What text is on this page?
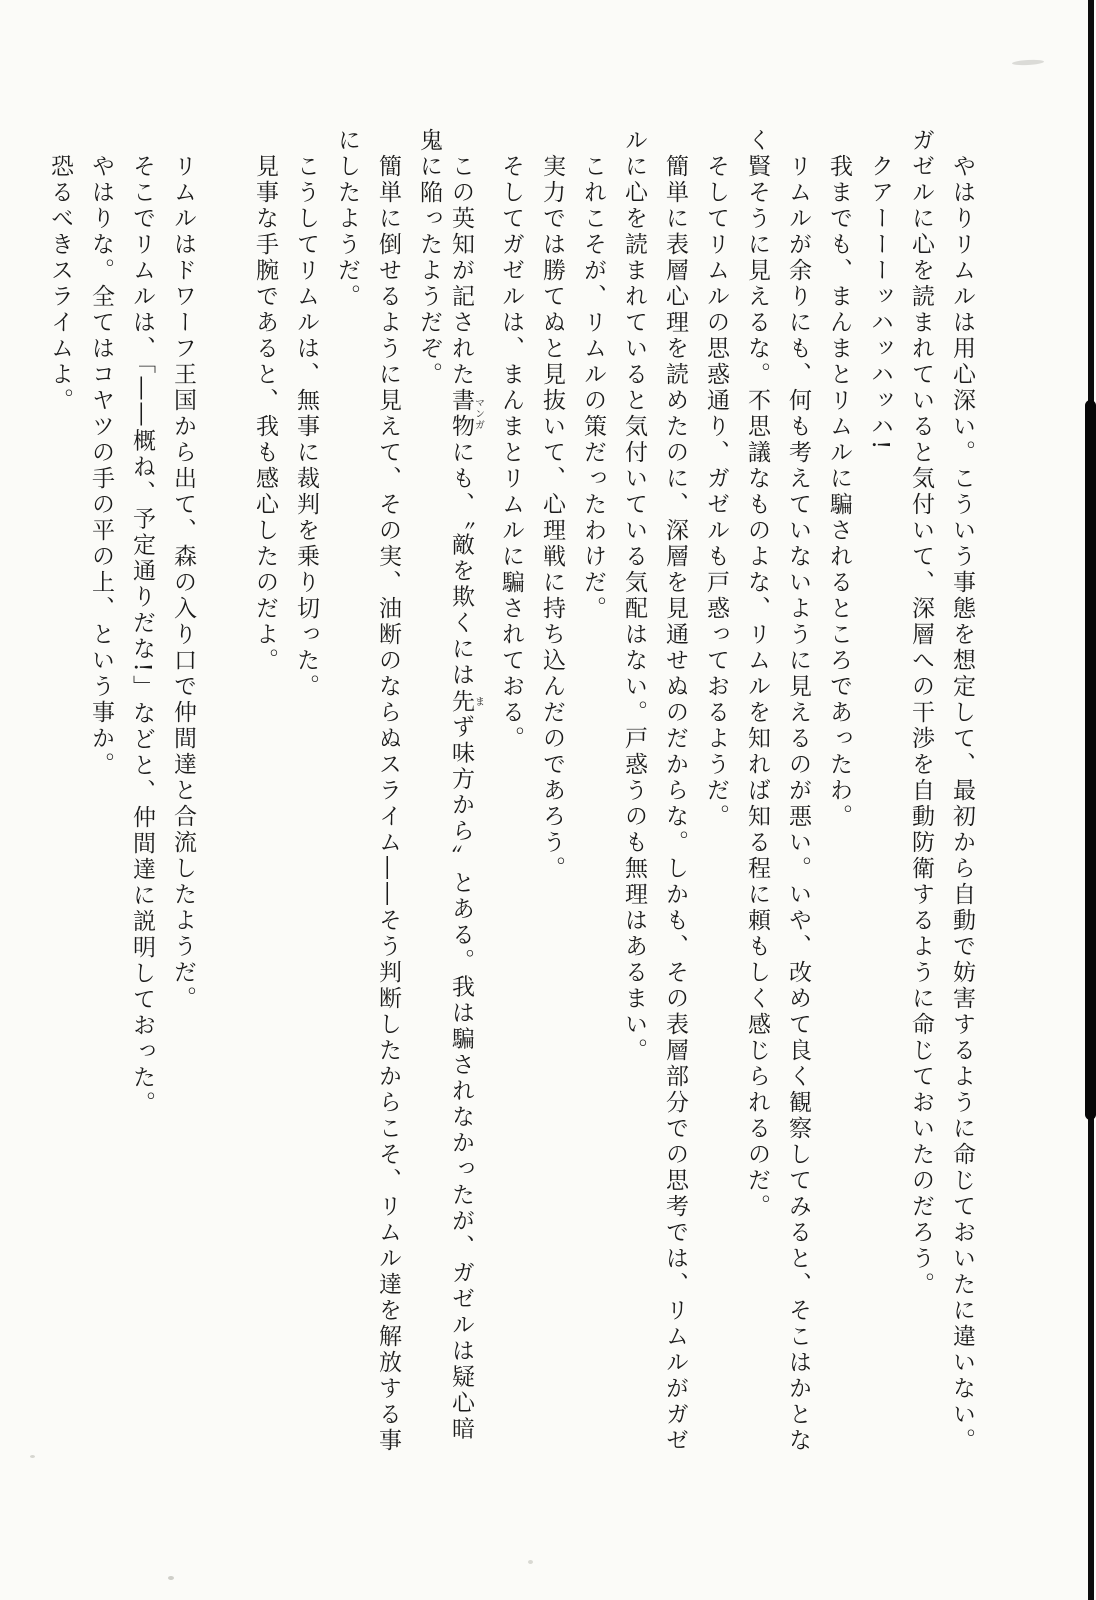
やはりリムルは用心深い。こういう事態を想定して、最初から自動で妨害するように命じておいたに違いない。
ガゼルに心を読まれていると気付いて、深層への干渉を自動防衛するように命じておいたのだろう。
クアーーーッハッハッハ!
我までも、まんまとリムルに騙されるところであったわ。
リムルが余りにも、何も考えていないように見えるのが悪い。いや、改めて良く観察してみると、そこはかとな
く賢そうに見えるな。不思議なものよな、リムルを知れば知る程に頼もしく感じられるのだ。
そしてリムルの思惑通り、ガゼルも戸惑っておるようだ。
簡単に表層心理を読めたのに、深層を見通せぬのだからな。しかも、その表層部分での思考では、リムルがガゼ
ルに心を読まれていると気付いている気配はない。戸惑うのも無理はあるまい。
これこそが、リムルの策だったわけだ。
実力では勝てぬと見抜いて、心理戦に持ち込んだのであろう。
そしてガゼルは、まんまとリムルに騙されておる。
この英知が記された書物マンガにも、〝敵を欺くには先まず味方から〟とある。我は騙されなかったが、ガゼルは疑心暗
鬼に陥ったようだぞ。
簡単に倒せるように見えて、その実、油断のならぬスライム――そう判断したからこそ、リムル達を解放する事
にしたようだ。
こうしてリムルは、無事に裁判を乗り切った。
見事な手腕であると、我も感心したのだよ。
リムルはドワーフ王国から出て、森の入り口で仲間達と合流したようだ。
そこでリムルは、「――概ね、予定通りだな!」などと、仲間達に説明しておった。
やはりな。全てはコヤツの手の平の上、という事か。
恐るべきスライムよ。
